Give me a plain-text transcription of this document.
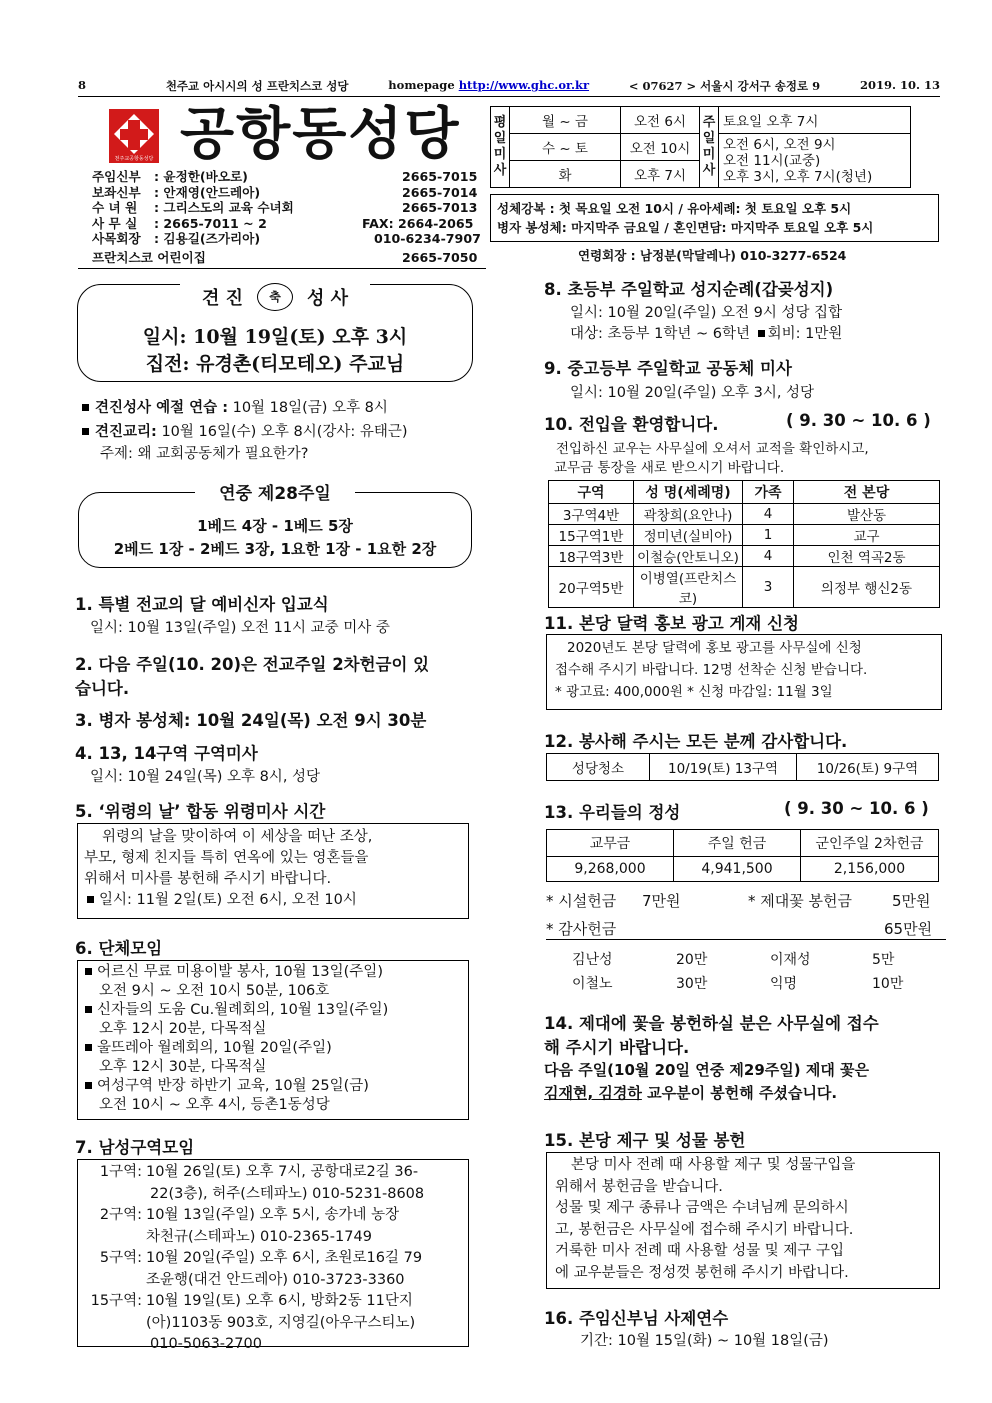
8	천주교 아시시의 성 프란치스코 성당	homepage http://www.ghc.or.kr	< 07627 > 서울시 강서구 송정로 9	2019. 10. 13
천주교공항동성당 공항동성당
주임신부	: 윤정한(바오로)	2665-7015
보좌신부	: 안재영(안드레아)	2665-7014
수 녀 원	: 그리스도의 교육 수녀회	2665-7013
사 무 실	: 2665-7011 ~ 2	FAX: 2664-2065
사목회장	: 김용길(즈가리아)	010-6234-7907
프란치스코 어린이집	2665-7050
평일미사	월 ~ 금	오전 6시	주일미사	토요일 오후 7시
	수 ~ 토	오전 10시		오전 6시, 오전 9시
오전 11시(교중)
오후 3시, 오후 7시(청년)

	화	오후 7시		
성체강복 : 첫 목요일 오전 10시 / 유아세례: 첫 토요일 오후 5시
병자 봉성체: 마지막주 금요일 / 혼인면담: 마지막주 토요일 오후 5시
연령회장 : 남정분(막달레나) 010-3277-6524
견 진	축	성 사
일시: 10월 19일(토) 오후 3시
집전: 유경촌(티모테오) 주교님
견진성사 예절 연습 : 10월 18일(금) 오후 8시
견진교리: 10월 16일(수) 오후 8시(강사: 유태근)
주제: 왜 교회공동체가 필요한가?
연중 제28주일
1베드 4장 - 1베드 5장
2베드 1장 - 2베드 3장, 1요한 1장 - 1요한 2장
1. 특별 전교의 달 예비신자 입교식
일시: 10월 13일(주일) 오전 11시 교중 미사 중
2. 다음 주일(10. 20)은 전교주일 2차헌금이 있
습니다.
3. 병자 봉성체: 10월 24일(목) 오전 9시 30분
4. 13, 14구역 구역미사
일시: 10월 24일(목) 오후 8시, 성당
5. ‘위령의 날’ 합동 위령미사 시간
위령의 날을 맞이하여 이 세상을 떠난 조상,
부모, 형제 친지들 특히 연옥에 있는 영혼들을
위해서 미사를 봉헌해 주시기 바랍니다.
일시: 11월 2일(토) 오전 6시, 오전 10시
6. 단체모임
어르신 무료 미용이발 봉사, 10월 13일(주일)
오전 9시 ~ 오전 10시 50분, 106호
신자들의 도움 Cu.월례회의, 10월 13일(주일)
오후 12시 20분, 다목적실
울뜨레아 월례회의, 10월 20일(주일)
오후 12시 30분, 다목적실
여성구역 반장 하반기 교육, 10월 25일(금)
오전 10시 ~ 오후 4시, 등촌1동성당
7. 남성구역모임
1구역: 10월 26일(토) 오후 7시, 공항대로2길 36-
22(3층), 허주(스테파노) 010-5231-8608
2구역: 10월 13일(주일) 오후 5시, 송가네 농장
차천규(스테파노) 010-2365-1749
5구역: 10월 20일(주일) 오후 6시, 초원로16길 79
조윤행(대건 안드레아) 010-3723-3360
15구역: 10월 19일(토) 오후 6시, 방화2동 11단지
(아)1103동 903호, 지영길(아우구스티노)
010-5063-2700
8. 초등부 주일학교 성지순례(갑곶성지)
일시: 10월 20일(주일) 오전 9시 성당 집합
대상: 초등부 1학년 ~ 6학년 회비: 1만원
9. 중고등부 주일학교 공동체 미사
일시: 10월 20일(주일) 오후 3시, 성당
10. 전입을 환영합니다.	( 9. 30 ~ 10. 6 )
전입하신 교우는 사무실에 오셔서 교적을 확인하시고,
교무금 통장을 새로 받으시기 바랍니다.
구역	성 명(세례명)	가족	전 본당
3구역4반	곽창희(요안나)	4	발산동
15구역1반	정미년(실비아)	1	교구
18구역3반	이철승(안토니오)	4	인천 역곡2동
20구역5반	이병열(프란치스코)	3	의정부 행신2동
11. 본당 달력 홍보 광고 게재 신청
2020년도 본당 달력에 홍보 광고를 사무실에 신청
접수해 주시기 바랍니다. 12명 선착순 신청 받습니다.
* 광고료: 400,000원 * 신청 마감일: 11월 3일
12. 봉사해 주시는 모든 분께 감사합니다.
성당청소	10/19(토) 13구역	10/26(토) 9구역
13. 우리들의 정성	( 9. 30 ~ 10. 6 )
교무금	주일 헌금	군인주일 2차헌금
9,268,000	4,941,500	2,156,000
* 시설헌금 7만원	* 제대꽃 봉헌금	5만원
* 감사헌금	65만원
김난성	20만	이재성	5만
이철노	30만	익명	10만
14. 제대에 꽃을 봉헌하실 분은 사무실에 접수
해 주시기 바랍니다.
다음 주일(10월 20일 연중 제29주일) 제대 꽃은
김재현, 김경하 교우분이 봉헌해 주셨습니다.
15. 본당 제구 및 성물 봉헌
본당 미사 전례 때 사용할 제구 및 성물구입을
위해서 봉헌금을 받습니다.
성물 및 제구 종류나 금액은 수녀님께 문의하시
고, 봉헌금은 사무실에 접수해 주시기 바랍니다.
거룩한 미사 전례 때 사용할 성물 및 제구 구입
에 교우분들은 정성껏 봉헌해 주시기 바랍니다.
16. 주임신부님 사제연수
기간: 10월 15일(화) ~ 10월 18일(금)
